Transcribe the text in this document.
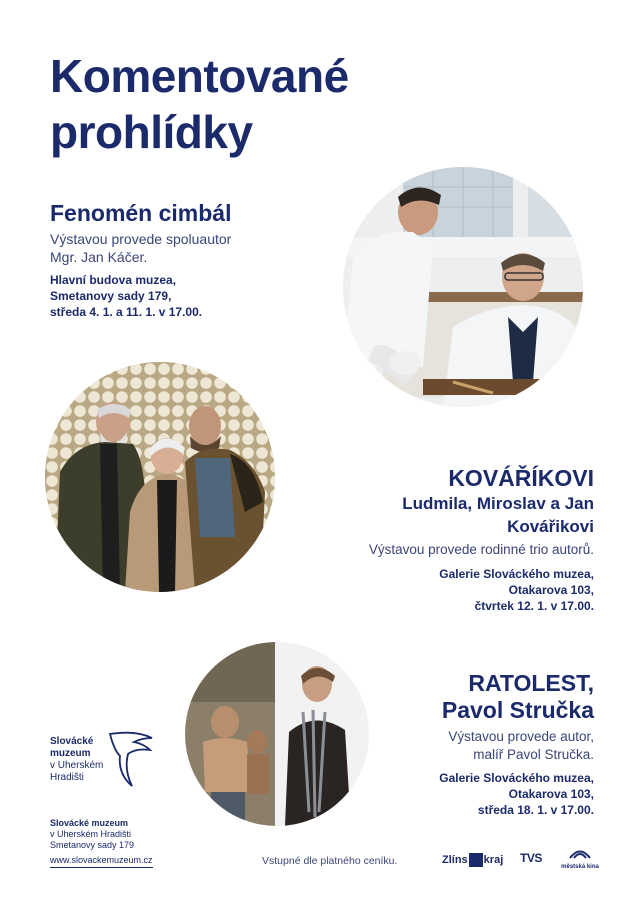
Komentované
prohlídky
Fenomén cimbál
Výstavou provede spoluautor
Mgr. Jan Káčer.
Hlavní budova muzea,
Smetanovy sady 179,
středa 4. 1. a 11. 1. v 17.00.
KOVÁŘÍKOVI
Ludmila, Miroslav a Jan
Kovářikovi
Výstavou provede rodinné trio autorů.
Galerie Slováckého muzea,
Otakarova 103,
čtvrtek 12. 1. v 17.00.
RATOLEST,
Pavol Stručka
Výstavou provede autor,
malíř Pavol Stručka.
Galerie Slováckého muzea,
Otakarova 103,
středa 18. 1. v 17.00.
Slovácké
muzeum
v Uherském
Hradišti
Slovácké muzeum
v Uherském Hradišti
Smetanovy sady 179
www.slovackemuzeum.cz	Vstupné dle platného ceníku.	Zlíns kraj TVS
městská kina
